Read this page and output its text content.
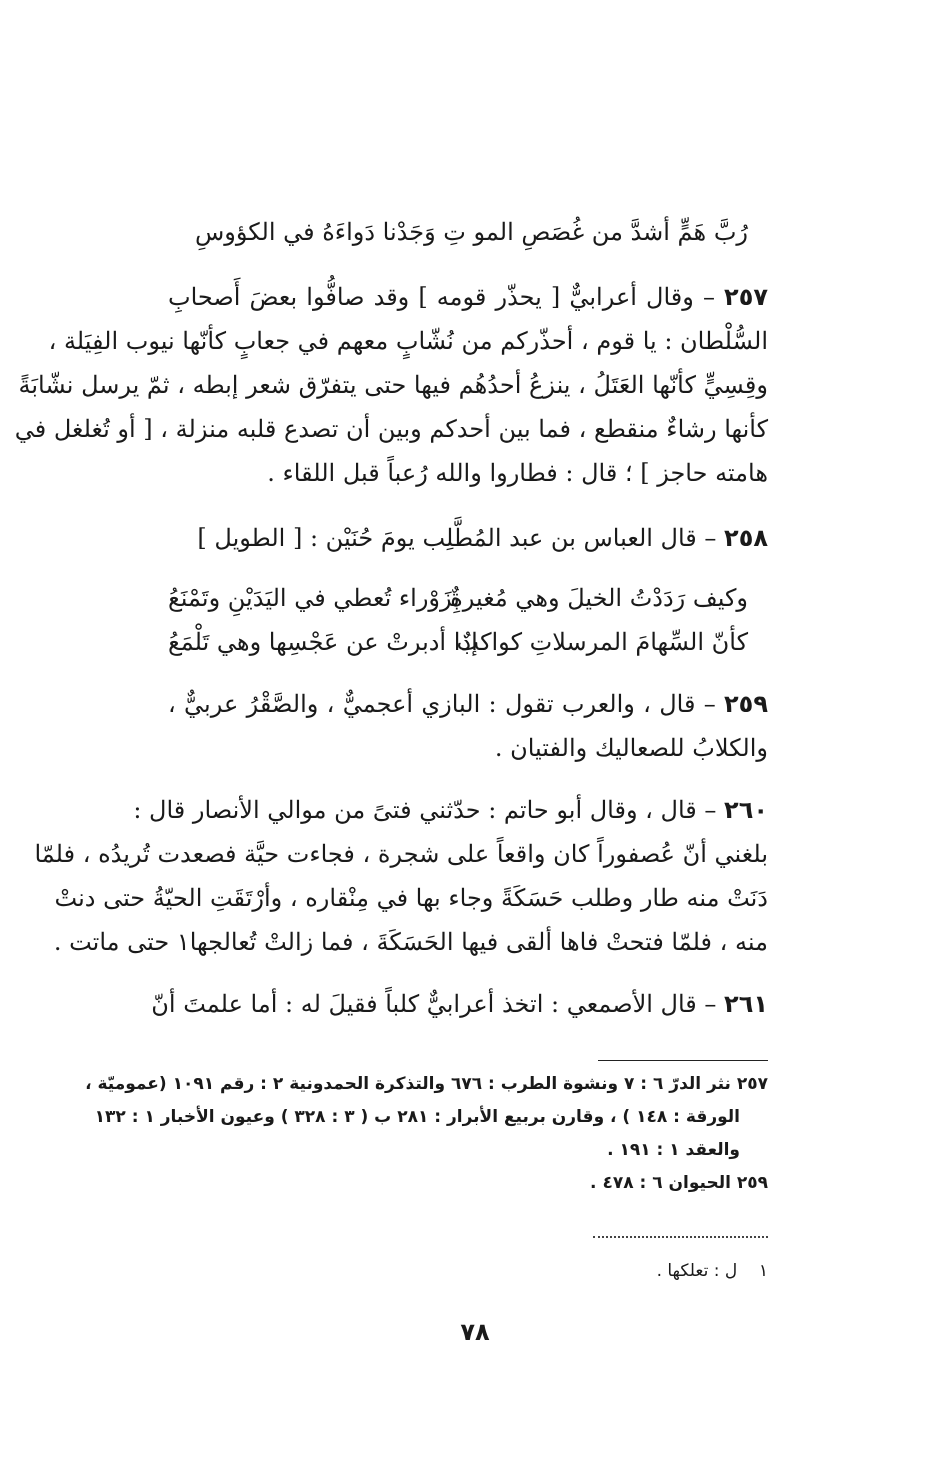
رُبَّ هَمٍّ أشدَّ من غُصَصِ المو تِ وَجَدْنا دَواءَهُ في الكؤوسِ
٢٥٧ – وقال أعرابيٌّ [ يحذّر قومه ] وقد صافُّوا بعضَ أَصحابِ
السُّلْطان : يا قوم ، أحذّركم من نُشّابٍ معهم في جعابٍ كأنّها نيوب الفِيَلة ،
وقِسِيٍّ كأنّها العَتَلُ ، ينزعُ أحدُهُم فيها حتى يتفرّق شعر إبطه ، ثمّ يرسل نشّابَةً
كأنها رشاءٌ منقطع ، فما بين أحدكم وبين أن تصدع قلبه منزلة ، [ أو تُغلغل في
هامته حاجز ] ؛ قال : فطاروا والله رُعباً قبل اللقاء .
٢٥٨ – قال العباس بن عبد المُطَّلِب يومَ حُنَيْن : [ الطويل ]
وكيف رَدَدْتُ الخيلَ وهي مُغيرةٌ
بِزَوْراء تُعطي في اليَدَيْنِ وتَمْنَعُ
كأنّ السِّهامَ المرسلاتِ كواكبٌ
إذا أدبرتْ عن عَجْسِها وهي تَلْمَعُ
٢٥٩ – قال ، والعرب تقول : البازي أعجميٌّ ، والصَّقْرُ عربيٌّ ،
والكلابُ للصعاليك والفتيان .
٢٦٠ – قال ، وقال أبو حاتم : حدّثني فتىً من موالي الأنصار قال :
بلغني أنّ عُصفوراً كان واقعاً على شجرة ، فجاءت حيَّة فصعدت تُريدُه ، فلمّا
دَنَتْ منه طار وطلب حَسَكَةً وجاء بها في مِنْقاره ، وأرْتَقَتِ الحيّةُ حتى دنتْ
منه ، فلمّا فتحتْ فاها ألقى فيها الحَسَكَةَ ، فما زالتْ تُعالجها١ حتى ماتت .
٢٦١ – قال الأصمعي : اتخذ أعرابيٌّ كلباً فقيلَ له : أما علمتَ أنّ
٢٥٧ نثر الدرّ ٦ : ٧ ونشوة الطرب : ٦٧٦ والتذكرة الحمدونية ٢ : رقم ١٠٩١ (عموميّة ،
الورقة : ١٤٨ ) ، وقارن بربيع الأبرار : ٢٨١ ب ( ٣ : ٣٢٨ ) وعيون الأخبار ١ : ١٣٢
والعقد ١ : ١٩١ .
٢٥٩ الحيوان ٦ : ٤٧٨ .
١    ل : تعلكها .
٧٨
